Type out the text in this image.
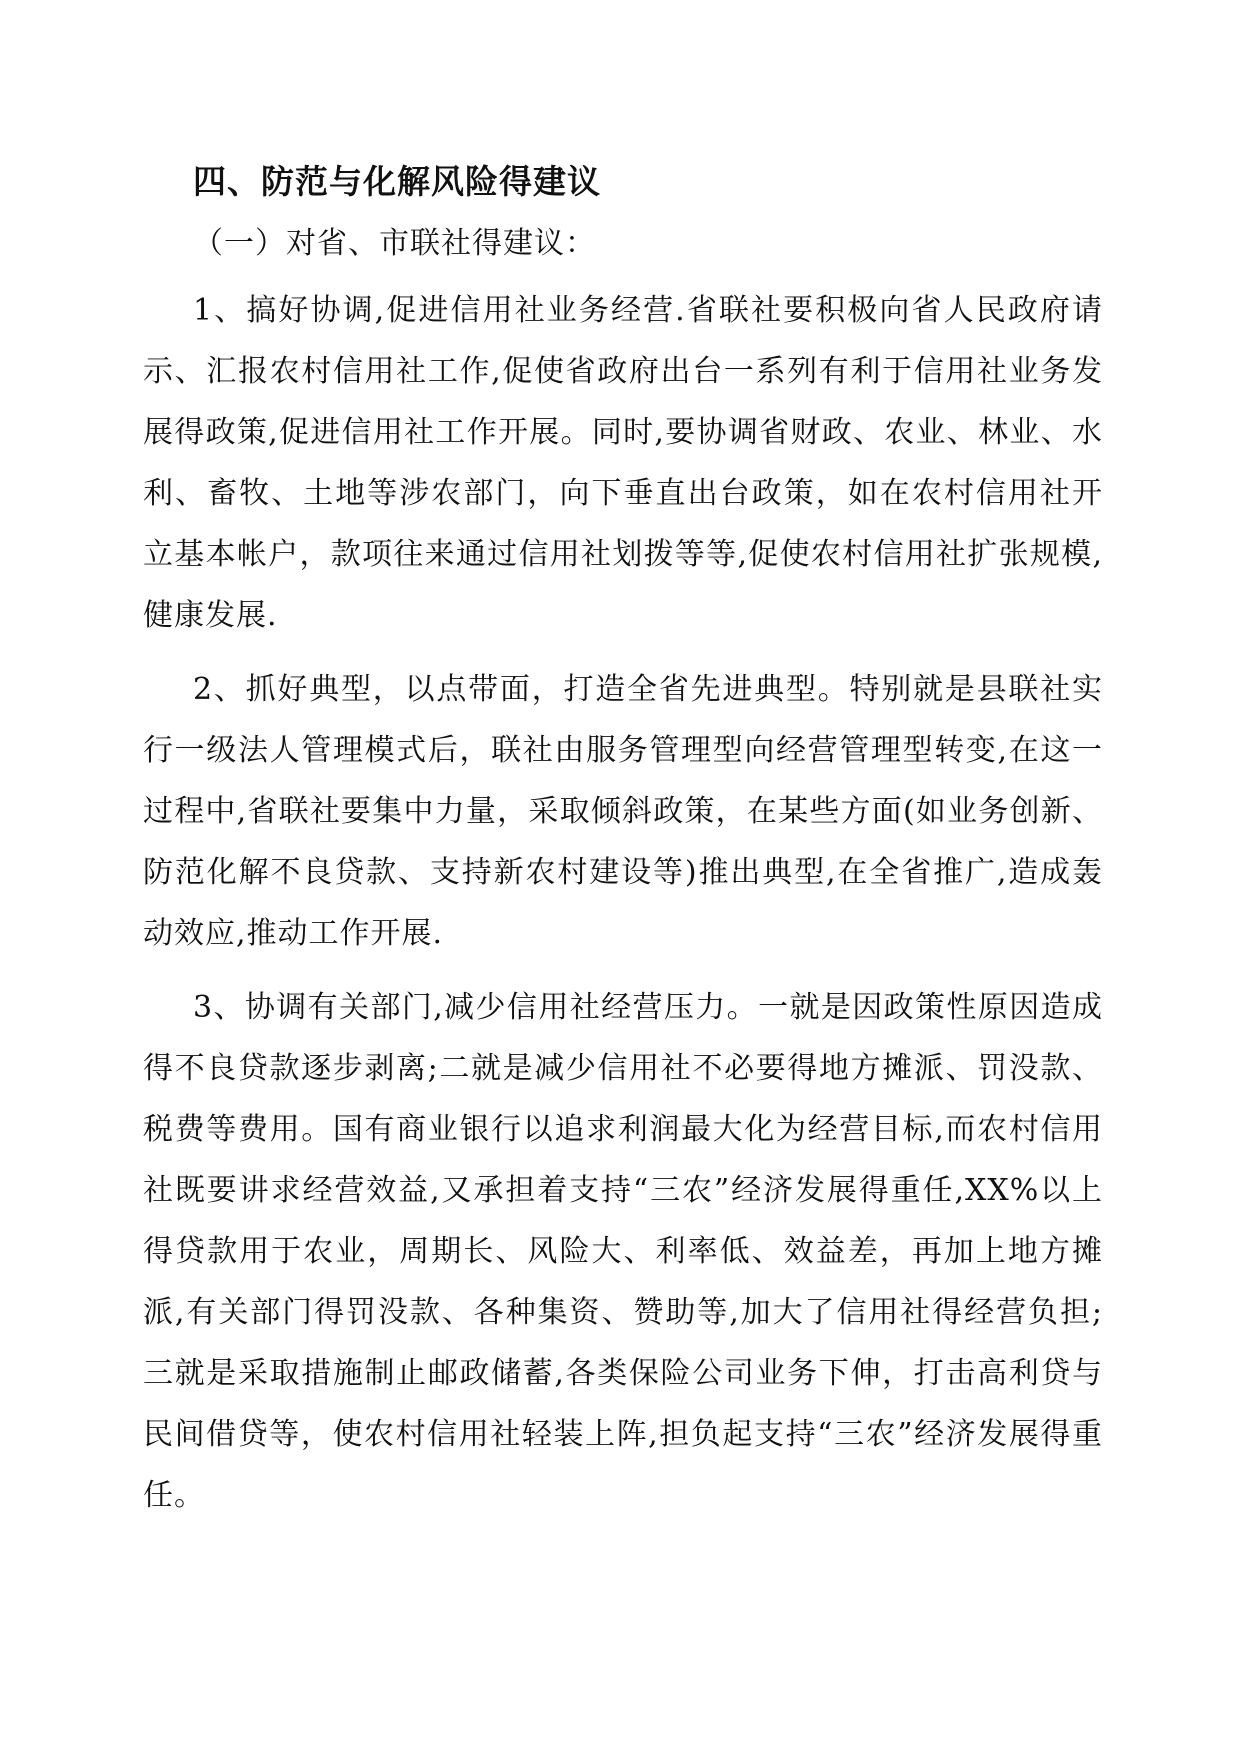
四、防范与化解风险得建议
（一）对省、市联社得建议：

1、搞好协调,促进信用社业务经营.省联社要积极向省人民政府请示、汇报农村信用社工作,促使省政府出台一系列有利于信用社业务发展得政策,促进信用社工作开展。同时,要协调省财政、农业、林业、水利、畜牧、土地等涉农部门，向下垂直出台政策，如在农村信用社开立基本帐户，款项往来通过信用社划拨等等,促使农村信用社扩张规模,健康发展.

2、抓好典型，以点带面，打造全省先进典型。特别就是县联社实行一级法人管理模式后，联社由服务管理型向经营管理型转变,在这一过程中,省联社要集中力量，采取倾斜政策，在某些方面(如业务创新、防范化解不良贷款、支持新农村建设等)推出典型,在全省推广,造成轰动效应,推动工作开展.

3、协调有关部门,减少信用社经营压力。一就是因政策性原因造成得不良贷款逐步剥离;二就是减少信用社不必要得地方摊派、罚没款、税费等费用。国有商业银行以追求利润最大化为经营目标,而农村信用社既要讲求经营效益,又承担着支持“三农”经济发展得重任,XX%以上得贷款用于农业，周期长、风险大、利率低、效益差，再加上地方摊派,有关部门得罚没款、各种集资、赞助等,加大了信用社得经营负担;三就是采取措施制止邮政储蓄,各类保险公司业务下伸，打击高利贷与民间借贷等，使农村信用社轻装上阵,担负起支持“三农”经济发展得重任。
